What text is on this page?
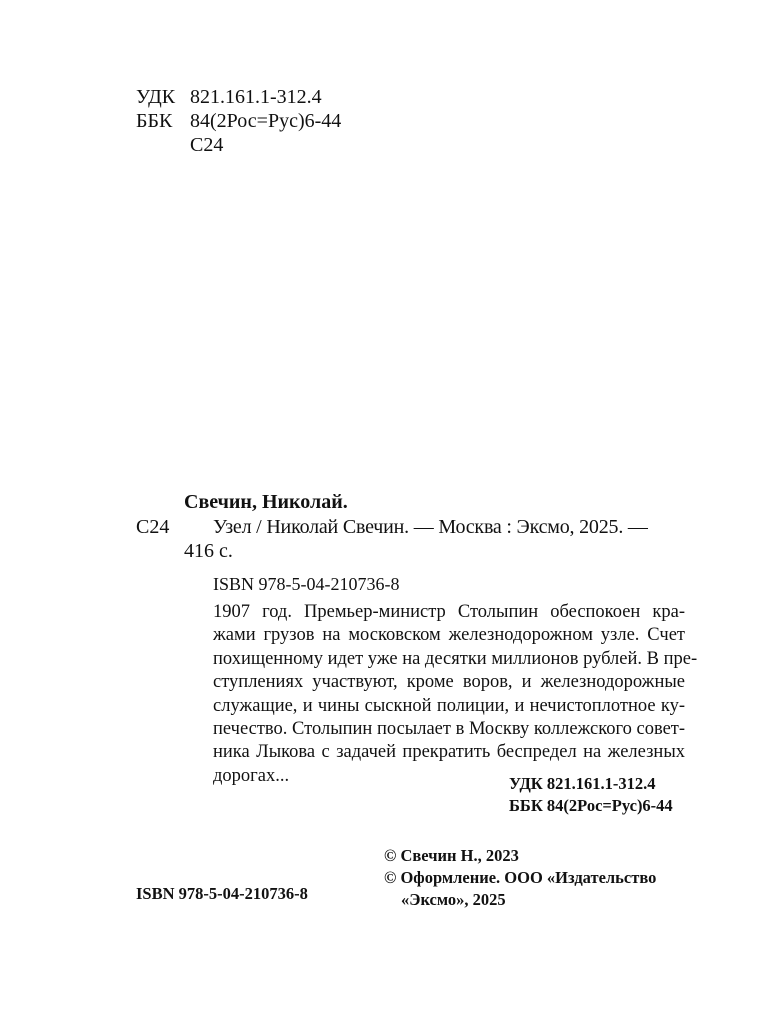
УДК 821.161.1-312.4
ББК 84(2Рос=Рус)6-44
С24
Свечин, Николай.
С24 Узел / Николай Свечин. — Москва : Эксмо, 2025. —
416 с.
ISBN 978-5-04-210736-8
1907 год. Премьер-министр Столыпин обеспокоен кра-
жами грузов на московском железнодорожном узле. Счет
похищенному идет уже на десятки миллионов рублей. В пре-
ступлениях участвуют, кроме воров, и железнодорожные
служащие, и чины сыскной полиции, и нечистоплотное ку-
печество. Столыпин посылает в Москву коллежского совет-
ника Лыкова с задачей прекратить беспредел на железных
дорогах...	УДК 821.161.1-312.4
ББК 84(2Рос=Рус)6-44
© Свечин Н., 2023
© Оформление. ООО «Издательство
«Эксмо», 2025
ISBN 978-5-04-210736-8
